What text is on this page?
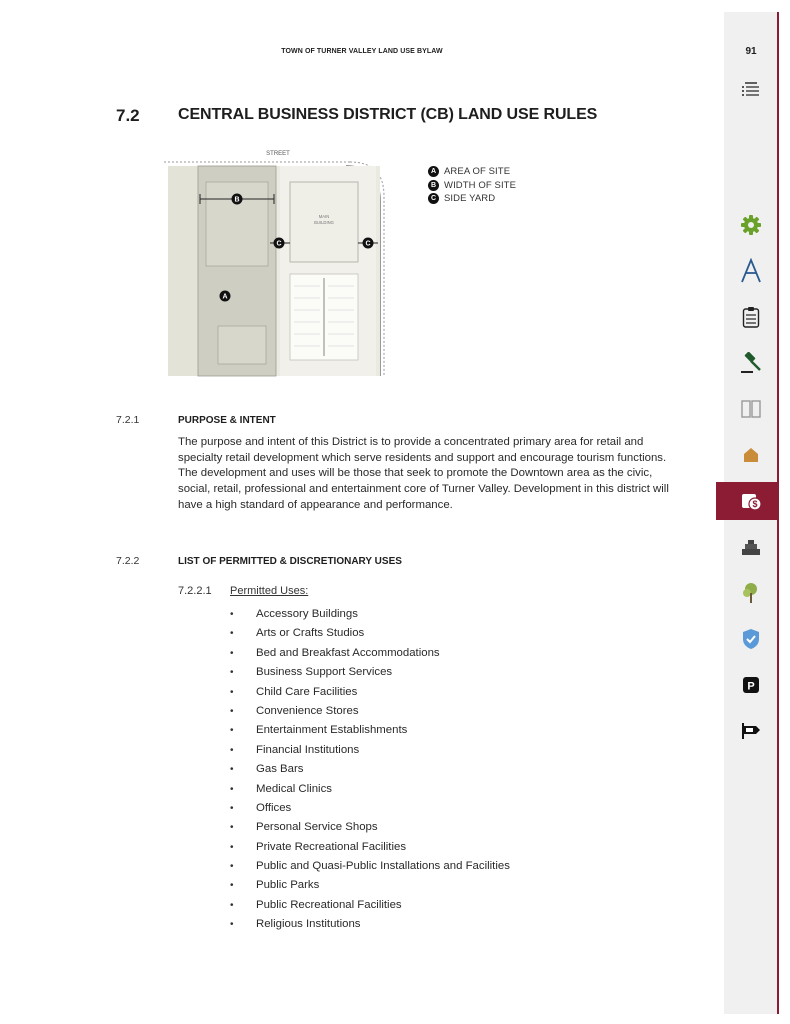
TOWN OF TURNER VALLEY LAND USE BYLAW
7.2 CENTRAL BUSINESS DISTRICT (CB) LAND USE RULES
STREET
MAIN
BUILDING
B
C	C
A
A AREA OF SITE
B WIDTH OF SITE
C SIDE YARD
7.2.1	PURPOSE & INTENT
The purpose and intent of this District is to provide a concentrated primary area for retail and specialty retail development which serve residents and support and encourage tourism functions. The development and uses will be those that seek to promote the Downtown area as the civic, social, retail, professional and entertainment core of Turner Valley. Development in this district will have a high standard of appearance and performance.
7.2.2	LIST OF PERMITTED & DISCRETIONARY USES
7.2.2.1 Permitted Uses:
•	Accessory Buildings
•	Arts or Crafts Studios
•	Bed and Breakfast Accommodations
•	Business Support Services
•	Child Care Facilities
•	Convenience Stores
•	Entertainment Establishments
•	Financial Institutions
•	Gas Bars
•	Medical Clinics
•	Offices
•	Personal Service Shops
•	Private Recreational Facilities
•	Public and Quasi-Public Installations and Facilities
•	Public Parks
•	Public Recreational Facilities
•	Religious Institutions
91
$
P
